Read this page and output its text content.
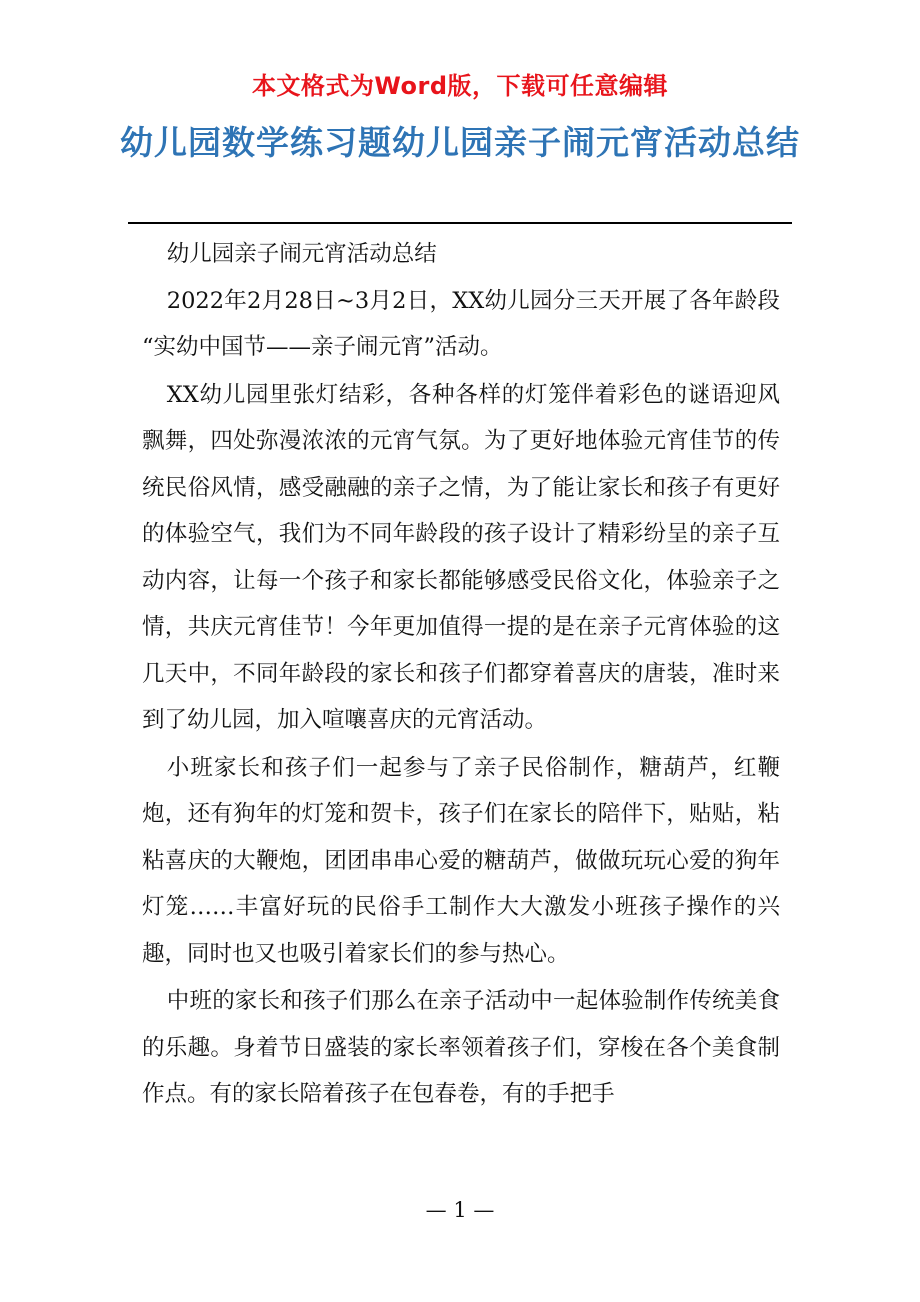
本文格式为Word版，下载可任意编辑
幼儿园数学练习题幼儿园亲子闹元宵活动总结

幼儿园亲子闹元宵活动总结

2022年2月28日~3月2日，XX幼儿园分三天开展了各年龄段 “实幼中国节——亲子闹元宵”活动。

XX幼儿园里张灯结彩，各种各样的灯笼伴着彩色的谜语迎风飘舞，四处弥漫浓浓的元宵气氛。为了更好地体验元宵佳节的传统民俗风情，感受融融的亲子之情，为了能让家长和孩子有更好的体验空气，我们为不同年龄段的孩子设计了精彩纷呈的亲子互动内容，让每一个孩子和家长都能够感受民俗文化，体验亲子之情，共庆元宵佳节！今年更加值得一提的是在亲子元宵体验的这几天中，不同年龄段的家长和孩子们都穿着喜庆的唐装，准时来到了幼儿园，加入喧嚷喜庆的元宵活动。

小班家长和孩子们一起参与了亲子民俗制作，糖葫芦，红鞭炮，还有狗年的灯笼和贺卡，孩子们在家长的陪伴下，贴贴，粘粘喜庆的大鞭炮，团团串串心爱的糖葫芦，做做玩玩心爱的狗年灯笼……丰富好玩的民俗手工制作大大激发小班孩子操作的兴趣，同时也又也吸引着家长们的参与热心。

中班的家长和孩子们那么在亲子活动中一起体验制作传统美食的乐趣。身着节日盛装的家长率领着孩子们，穿梭在各个美食制作点。有的家长陪着孩子在包春卷，有的手把手

— 1 —
